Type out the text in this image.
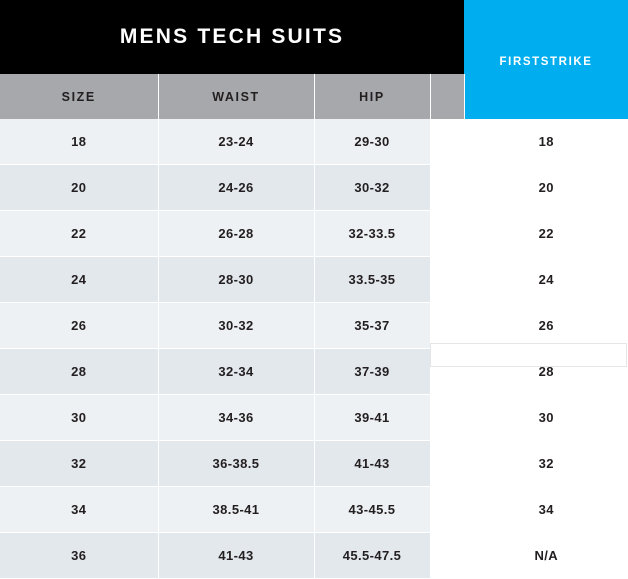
MENS TECH SUITS				FIRSTSTRIKE

SIZE	WAIST	HIP		
18	23-24	29-30		18
20	24-26	30-32		20
22	26-28	32-33.5		22
24	28-30	33.5-35		24
26	30-32	35-37		26
28	32-34	37-39		28
30	34-36	39-41		30
32	36-38.5	41-43		32
34	38.5-41	43-45.5		34
36	41-43	45.5-47.5		N/A
